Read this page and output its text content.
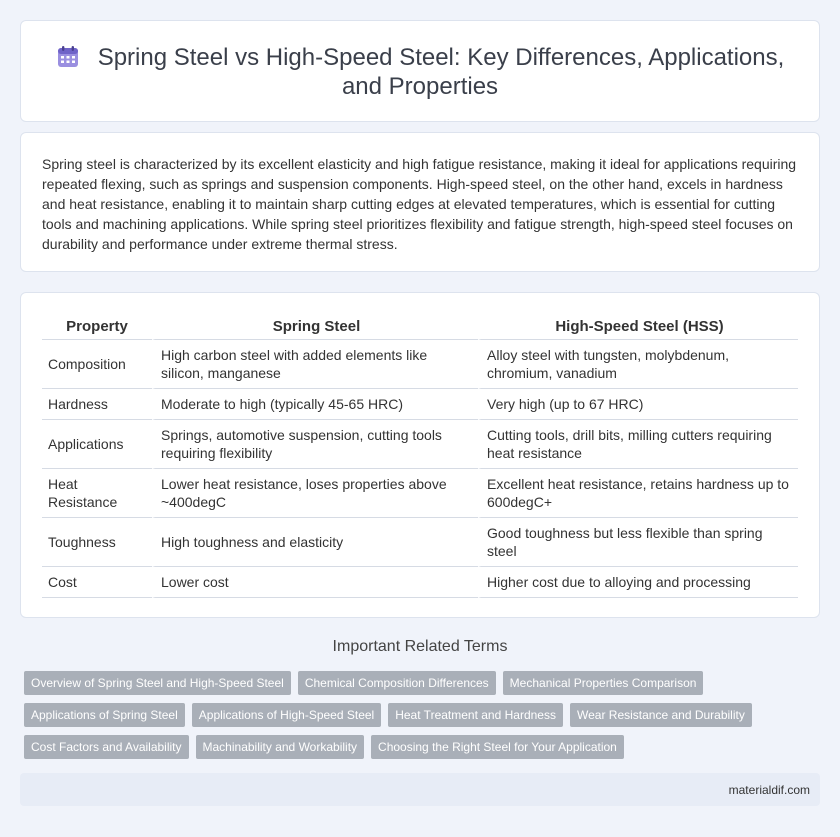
Spring Steel vs High-Speed Steel: Key Differences, Applications,
and Properties

Spring steel is characterized by its excellent elasticity and high fatigue resistance, making it ideal for applications requiring repeated flexing, such as springs and suspension components. High-speed steel, on the other hand, excels in hardness and heat resistance, enabling it to maintain sharp cutting edges at elevated temperatures, which is essential for cutting tools and machining applications. While spring steel prioritizes flexibility and fatigue strength, high-speed steel focuses on durability and performance under extreme thermal stress.

Property	Spring Steel	High-Speed Steel (HSS)
Composition	High carbon steel with added elements like silicon, manganese	Alloy steel with tungsten, molybdenum, chromium, vanadium
Hardness	Moderate to high (typically 45-65 HRC)	Very high (up to 67 HRC)
Applications	Springs, automotive suspension, cutting tools requiring flexibility	Cutting tools, drill bits, milling cutters requiring heat resistance
Heat Resistance	Lower heat resistance, loses properties above ~400degC	Excellent heat resistance, retains hardness up to 600degC+
Toughness	High toughness and elasticity	Good toughness but less flexible than spring steel
Cost	Lower cost	Higher cost due to alloying and processing
Important Related Terms
Overview of Spring Steel and High-Speed Steel	Chemical Composition Differences	Mechanical Properties Comparison
Applications of Spring Steel	Applications of High-Speed Steel	Heat Treatment and Hardness	Wear Resistance and Durability
Cost Factors and Availability	Machinability and Workability	Choosing the Right Steel for Your Application
materialdif.com
